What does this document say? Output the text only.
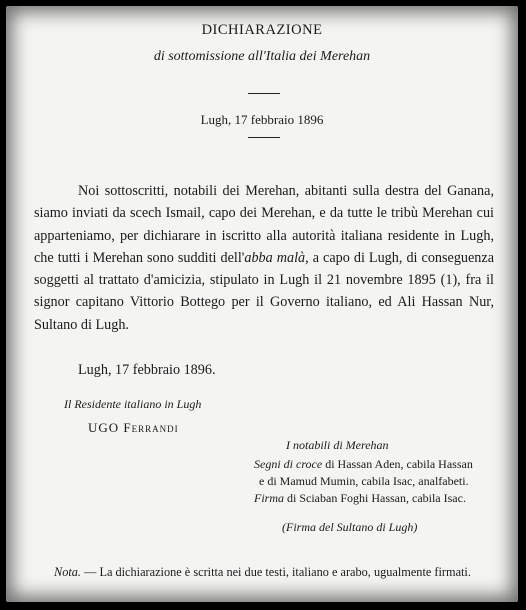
DICHIARAZIONE
di sottomissione all'Italia dei Merehan
Lugh, 17 febbraio 1896

Noi sottoscritti, notabili dei Merehan, abitanti sulla destra del Ganana, siamo inviati da scech Ismail, capo dei Merehan, e da tutte le tribù Merehan cui apparteniamo, per dichiarare in iscritto alla autorità italiana residente in Lugh, che tutti i Merehan sono sudditi dell'abba malà, a capo di Lugh, di conseguenza soggetti al trattato d'amicizia, stipulato in Lugh il 21 novembre 1895 (1), fra il signor capitano Vittorio Bottego per il Governo italiano, ed Ali Hassan Nur, Sultano di Lugh.

Lugh, 17 febbraio 1896.
Il Residente italiano in Lugh
UGO Ferrandi
I notabili di Merehan
Segni di croce di Hassan Aden, cabila Hassan
e di Mamud Mumin, cabila Isac, analfabeti.
Firma di Sciaban Foghi Hassan, cabila Isac.
(Firma del Sultano di Lugh)

Nota. — La dichiarazione è scritta nei due testi, italiano e arabo, ugualmente firmati.
